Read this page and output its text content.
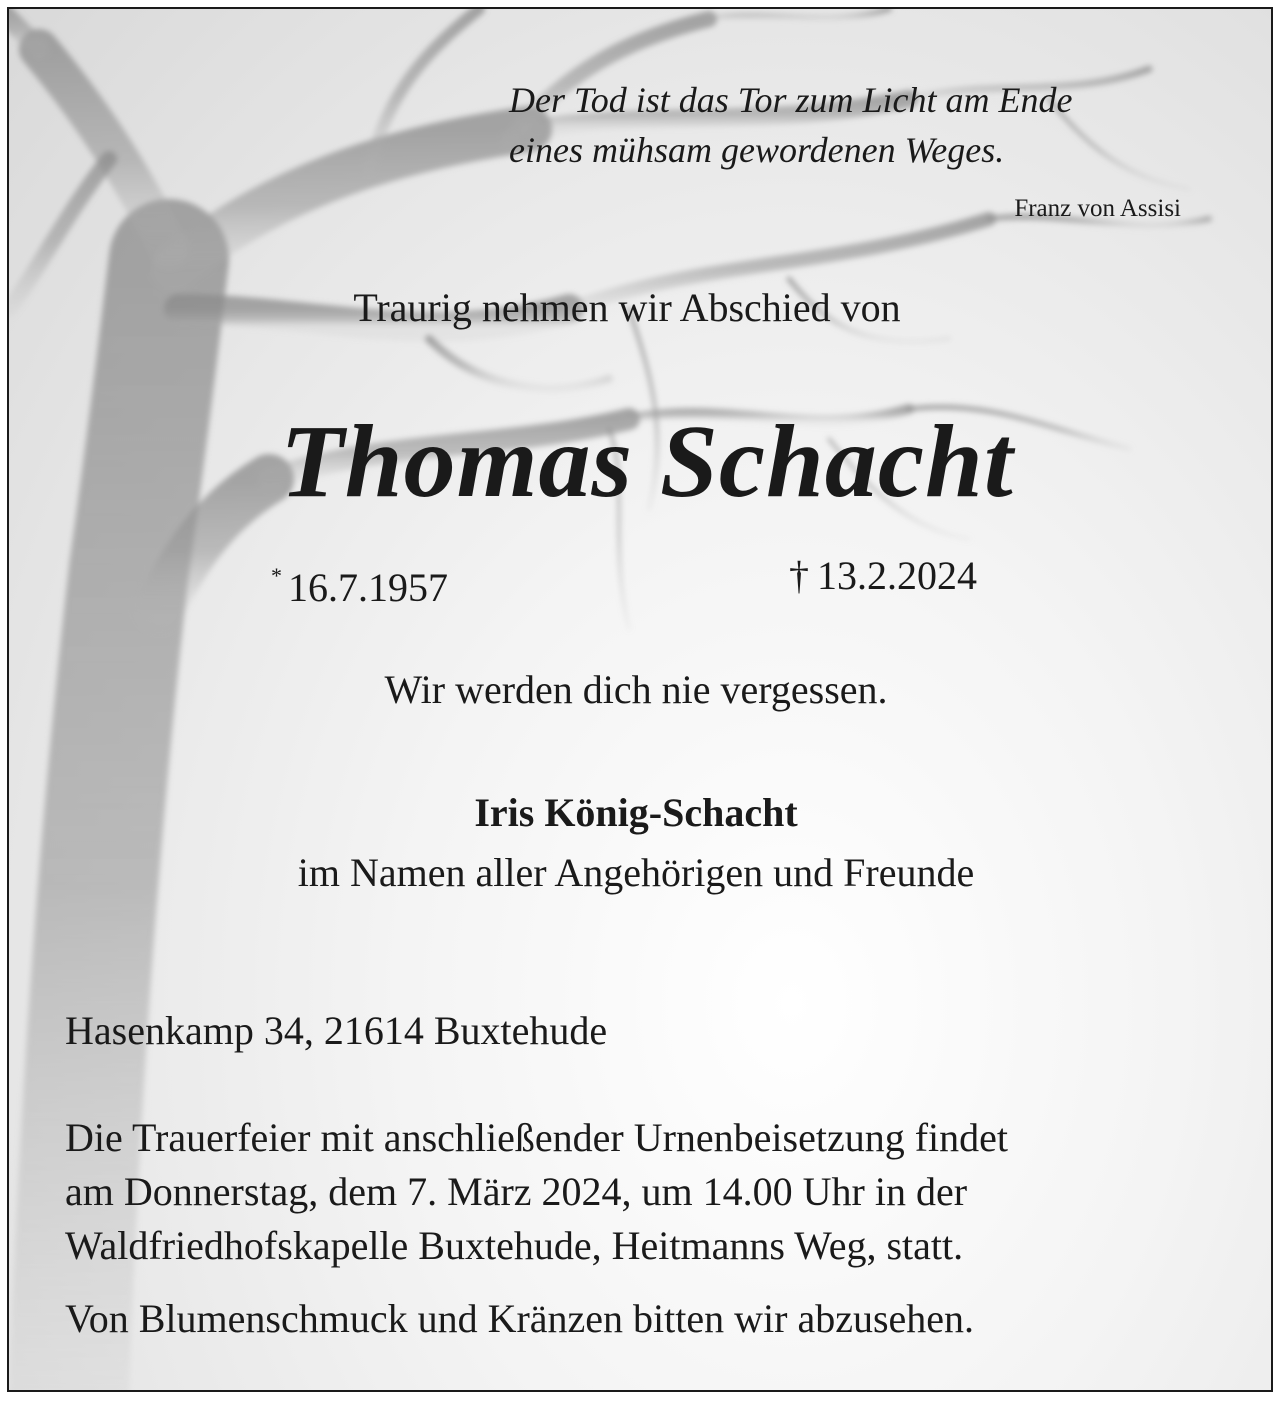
Der Tod ist das Tor zum Licht am Ende
eines mühsam gewordenen Weges.

Franz von Assisi

Traurig nehmen wir Abschied von

Thomas Schacht

* 16.7.1957	† 13.2.2024

Wir werden dich nie vergessen.

Iris König-Schacht

im Namen aller Angehörigen und Freunde

Hasenkamp 34, 21614 Buxtehude

Die Trauerfeier mit anschließender Urnenbeisetzung findet
am Donnerstag, dem 7. März 2024, um 14.00 Uhr in der
Waldfriedhofskapelle Buxtehude, Heitmanns Weg, statt.

Von Blumenschmuck und Kränzen bitten wir abzusehen.
